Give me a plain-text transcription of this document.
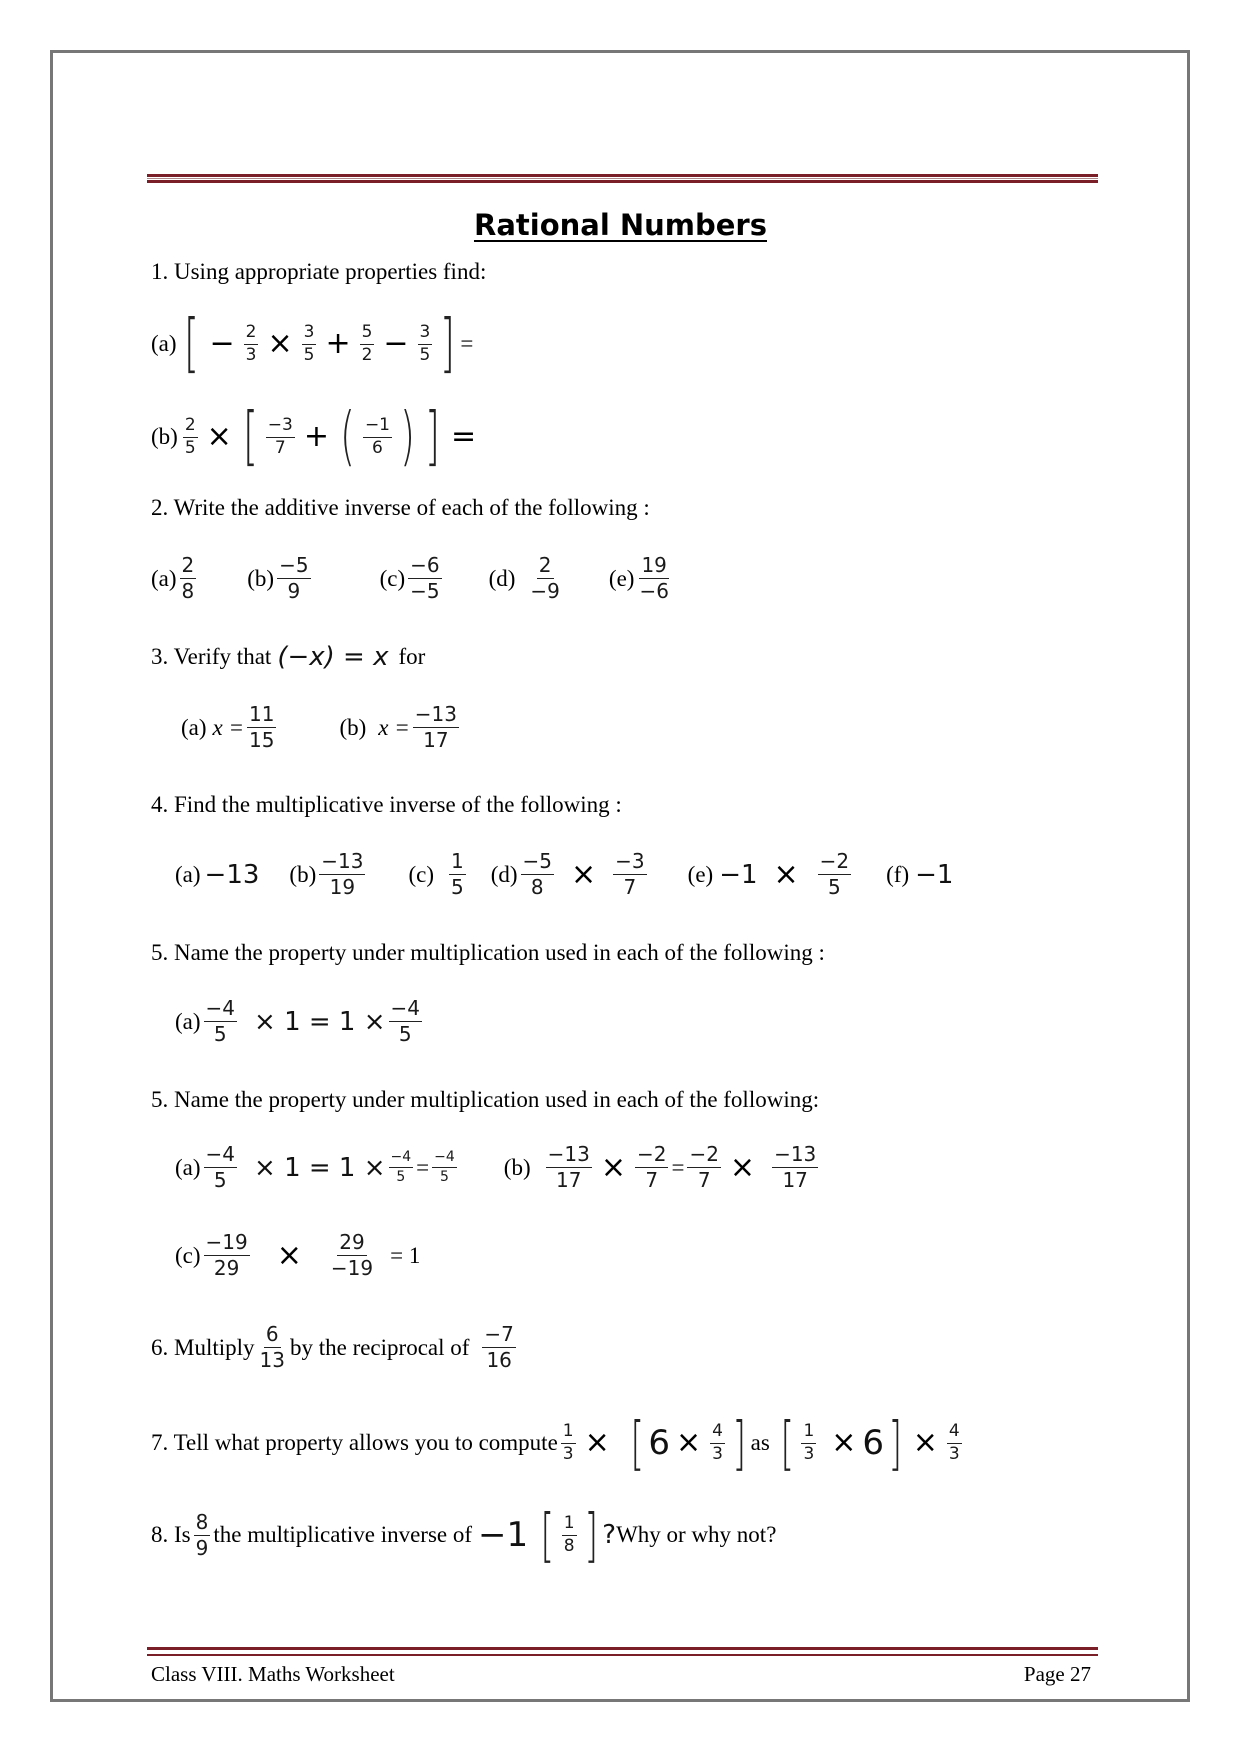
Rational Numbers
1. Using appropriate properties find:
(a) [ − $\frac{2}{3} \times \frac{3}{5} + \frac{5}{2} - \frac{3}{5}$ ] =
$(b) \frac{2}{5}$ × [ $\frac{-3}{7}$ + ( $\frac{-1}{6}$ ) ] =
2. Write the additive inverse of each of the following :
$(a) \frac{2}{8} (b) \frac{-5}{9}$	$(c) \frac{-6}{-5} (d) \frac{2}{-9} (e) \frac{19}{-6}$
3. Verify that (−x) = x for
(a) $x = \frac{11}{15}$	(b) $x = \frac{-13}{17}$
4. Find the multiplicative inverse of the following :
(a) −13 $(b) \frac{-13}{19} (c) \frac{1}{5} (d) \frac{-5}{8} \times \frac{-3}{7} (e) -1 \times \frac{-2}{5} (f) -1$
5. Name the property under multiplication used in each of the following :
$(a) \frac{-4}{5} \times 1 = 1 \times \frac{-4}{5}$
5. Name the property under multiplication used in each of the following:
$(a) \frac{-4}{5} \times 1 = 1 \times \frac{-4}{5} = \frac{-4}{5} (b) \frac{-13}{17} \times \frac{-2}{7} = \frac{-2}{7} \times \frac{-13}{17}$
$(c) \frac{-19}{29} \times \frac{29}{-19} = 1$
6. Multiply $\frac{6}{13}$ by the reciprocal of $\frac{-7}{16}$
7. Tell what property allows you to compute $\frac{1}{3}$ × [ $6 \times \frac{4}{3}$ ] as [ $\frac{1}{3} \times 6$ ] × $\frac{4}{3}$
8. Is $\frac{8}{9}$ the multiplicative inverse of −1 [ $\frac{1}{8}$ ] ? Why or why not?
Class VIII. Maths Worksheet	Page 27
